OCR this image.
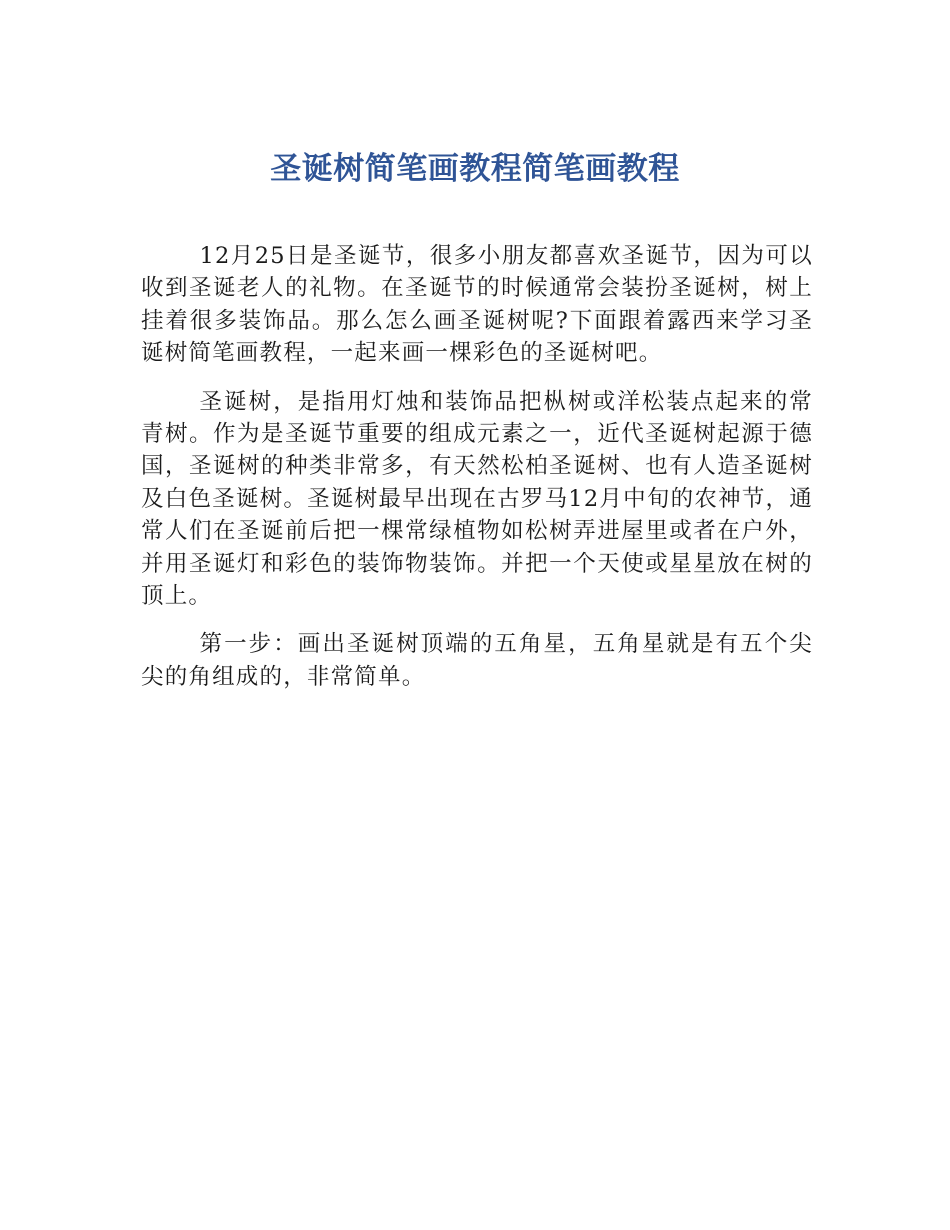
圣诞树简笔画教程简笔画教程

12月25日是圣诞节，很多小朋友都喜欢圣诞节，因为可以收到圣诞老人的礼物。在圣诞节的时候通常会装扮圣诞树，树上挂着很多装饰品。那么怎么画圣诞树呢?下面跟着露西来学习圣诞树简笔画教程，一起来画一棵彩色的圣诞树吧。

圣诞树，是指用灯烛和装饰品把枞树或洋松装点起来的常青树。作为是圣诞节重要的组成元素之一，近代圣诞树起源于德国，圣诞树的种类非常多，有天然松柏圣诞树、也有人造圣诞树及白色圣诞树。圣诞树最早出现在古罗马12月中旬的农神节，通常人们在圣诞前后把一棵常绿植物如松树弄进屋里或者在户外，并用圣诞灯和彩色的装饰物装饰。并把一个天使或星星放在树的顶上。

第一步：画出圣诞树顶端的五角星，五角星就是有五个尖尖的角组成的，非常简单。
